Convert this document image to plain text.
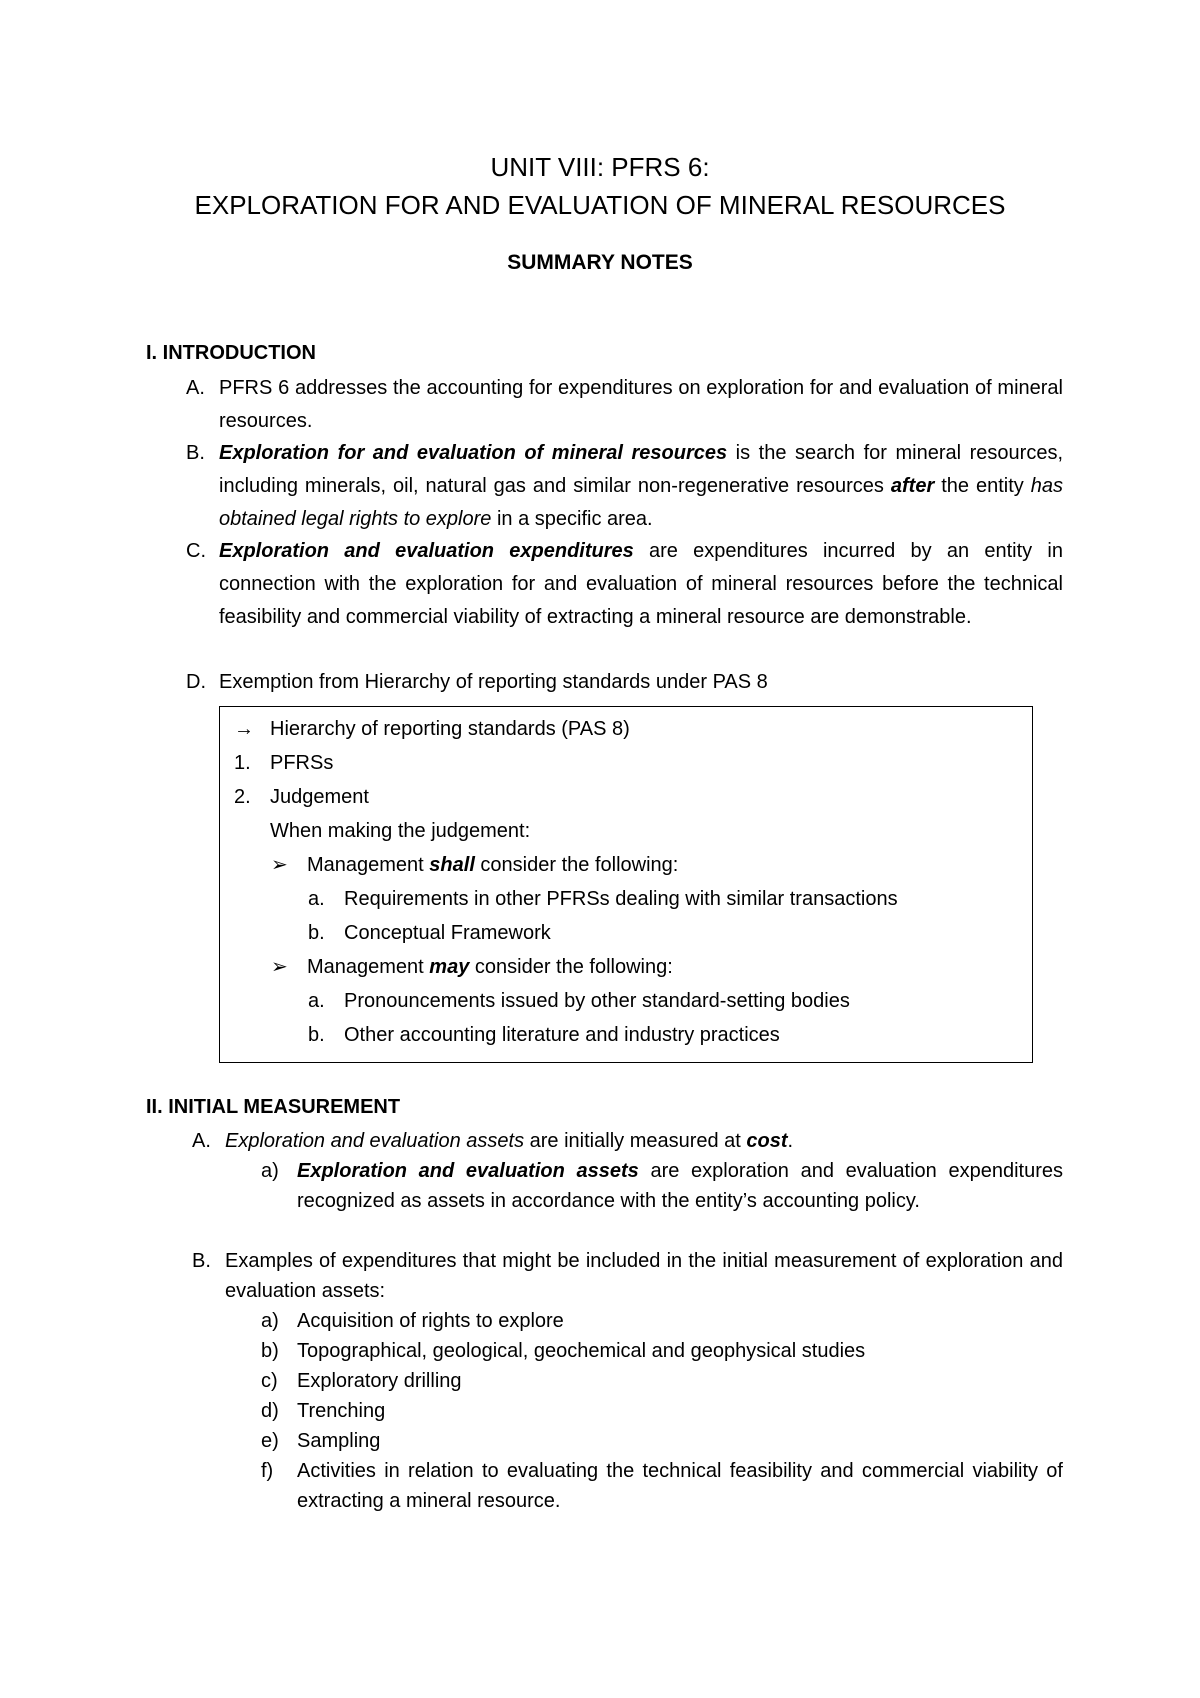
UNIT VIII: PFRS 6:
EXPLORATION FOR AND EVALUATION OF MINERAL RESOURCES
SUMMARY NOTES
I. INTRODUCTION
A. PFRS 6 addresses the accounting for expenditures on exploration for and evaluation of mineral resources.
B. Exploration for and evaluation of mineral resources is the search for mineral resources, including minerals, oil, natural gas and similar non-regenerative resources after the entity has obtained legal rights to explore in a specific area.
C. Exploration and evaluation expenditures are expenditures incurred by an entity in connection with the exploration for and evaluation of mineral resources before the technical feasibility and commercial viability of extracting a mineral resource are demonstrable.
D. Exemption from Hierarchy of reporting standards under PAS 8
→ Hierarchy of reporting standards (PAS 8)
1. PFRSs
2. Judgement
When making the judgement:
➢ Management shall consider the following:
a. Requirements in other PFRSs dealing with similar transactions
b. Conceptual Framework
➢ Management may consider the following:
a. Pronouncements issued by other standard-setting bodies
b. Other accounting literature and industry practices
II. INITIAL MEASUREMENT
A. Exploration and evaluation assets are initially measured at cost.
a) Exploration and evaluation assets are exploration and evaluation expenditures recognized as assets in accordance with the entity’s accounting policy.
B. Examples of expenditures that might be included in the initial measurement of exploration and evaluation assets:
a) Acquisition of rights to explore
b) Topographical, geological, geochemical and geophysical studies
c) Exploratory drilling
d) Trenching
e) Sampling
f) Activities in relation to evaluating the technical feasibility and commercial viability of extracting a mineral resource.
